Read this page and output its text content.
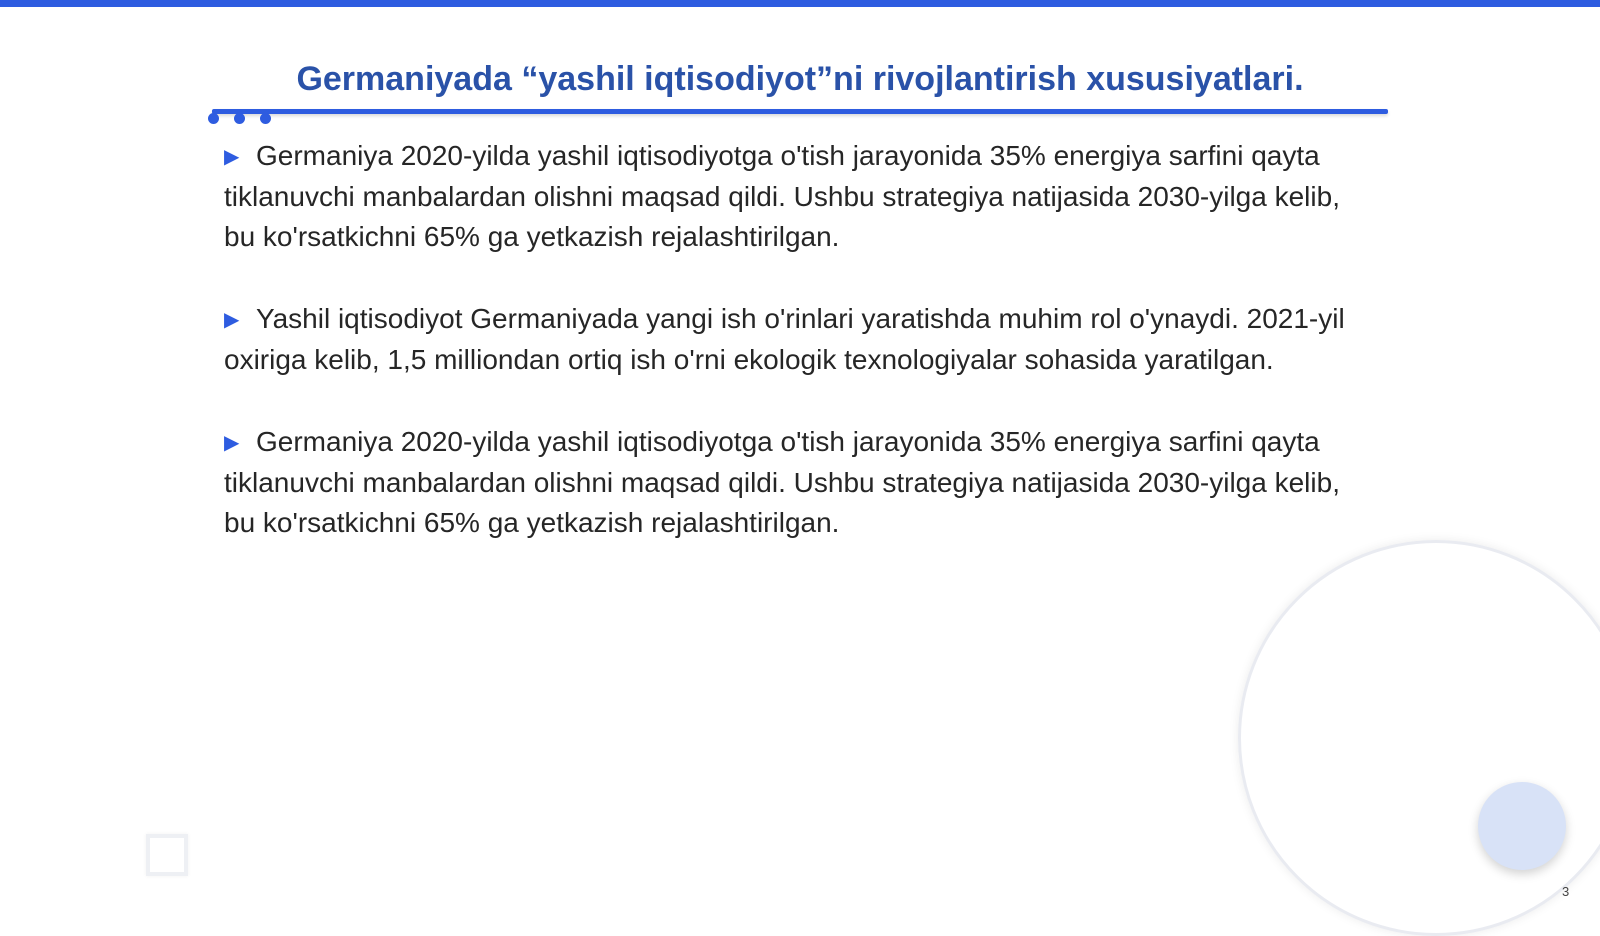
Germaniyada “yashil iqtisodiyot”ni rivojlantirish xususiyatlari.

▶ Germaniya 2020-yilda yashil iqtisodiyotga o'tish jarayonida 35% energiya sarfini qayta tiklanuvchi manbalardan olishni maqsad qildi. Ushbu strategiya natijasida 2030-yilga kelib, bu ko'rsatkichni 65% ga yetkazish rejalashtirilgan.

▶ Yashil iqtisodiyot Germaniyada yangi ish o'rinlari yaratishda muhim rol o'ynaydi. 2021-yil oxiriga kelib, 1,5 milliondan ortiq ish o'rni ekologik texnologiyalar sohasida yaratilgan.

▶ Germaniya 2020-yilda yashil iqtisodiyotga o'tish jarayonida 35% energiya sarfini qayta tiklanuvchi manbalardan olishni maqsad qildi. Ushbu strategiya natijasida 2030-yilga kelib, bu ko'rsatkichni 65% ga yetkazish rejalashtirilgan.

3
